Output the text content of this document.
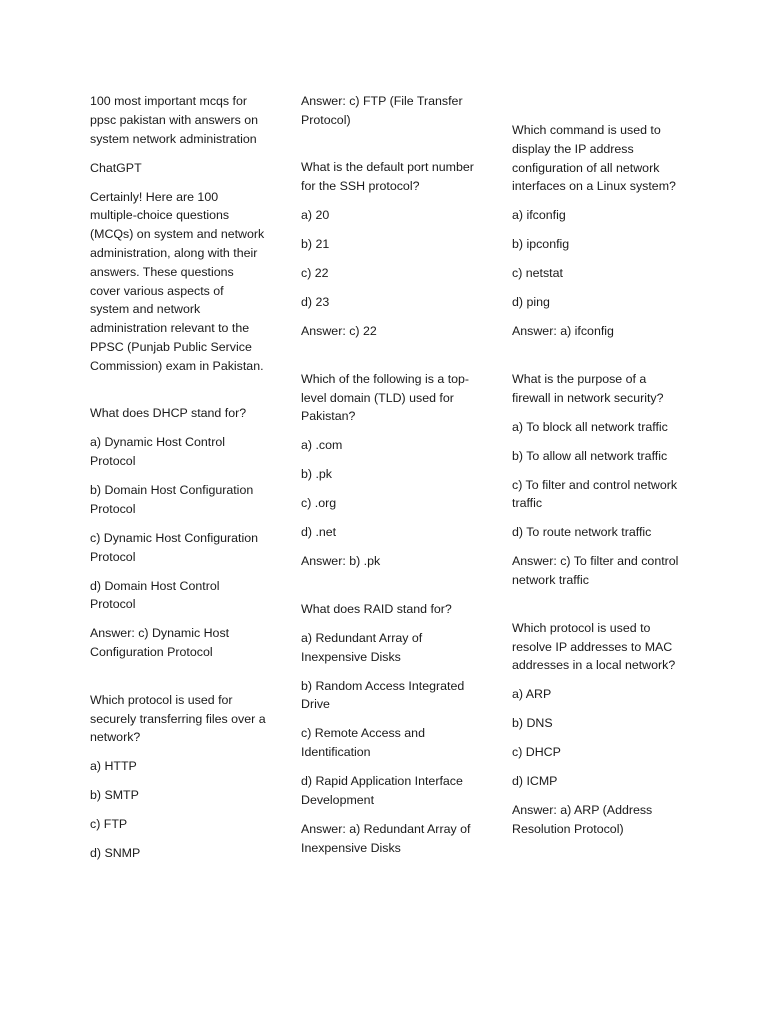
100 most important mcqs for ppsc pakistan with answers on system network administration

ChatGPT

Certainly! Here are 100 multiple-choice questions (MCQs) on system and network administration, along with their answers. These questions cover various aspects of system and network administration relevant to the PPSC (Punjab Public Service Commission) exam in Pakistan.

What does DHCP stand for?

a) Dynamic Host Control Protocol

b) Domain Host Configuration Protocol

c) Dynamic Host Configuration Protocol

d) Domain Host Control Protocol

Answer: c) Dynamic Host Configuration Protocol

Which protocol is used for securely transferring files over a network?

a) HTTP

b) SMTP

c) FTP

d) SNMP

Answer: c) FTP (File Transfer Protocol)

What is the default port number for the SSH protocol?

a) 20

b) 21

c) 22

d) 23

Answer: c) 22

Which of the following is a top-level domain (TLD) used for Pakistan?

a) .com

b) .pk

c) .org

d) .net

Answer: b) .pk

What does RAID stand for?

a) Redundant Array of Inexpensive Disks

b) Random Access Integrated Drive

c) Remote Access and Identification

d) Rapid Application Interface Development

Answer: a) Redundant Array of Inexpensive Disks

Which command is used to display the IP address configuration of all network interfaces on a Linux system?

a) ifconfig

b) ipconfig

c) netstat

d) ping

Answer: a) ifconfig

What is the purpose of a firewall in network security?

a) To block all network traffic

b) To allow all network traffic

c) To filter and control network traffic

d) To route network traffic

Answer: c) To filter and control network traffic

Which protocol is used to resolve IP addresses to MAC addresses in a local network?

a) ARP

b) DNS

c) DHCP

d) ICMP

Answer: a) ARP (Address Resolution Protocol)
